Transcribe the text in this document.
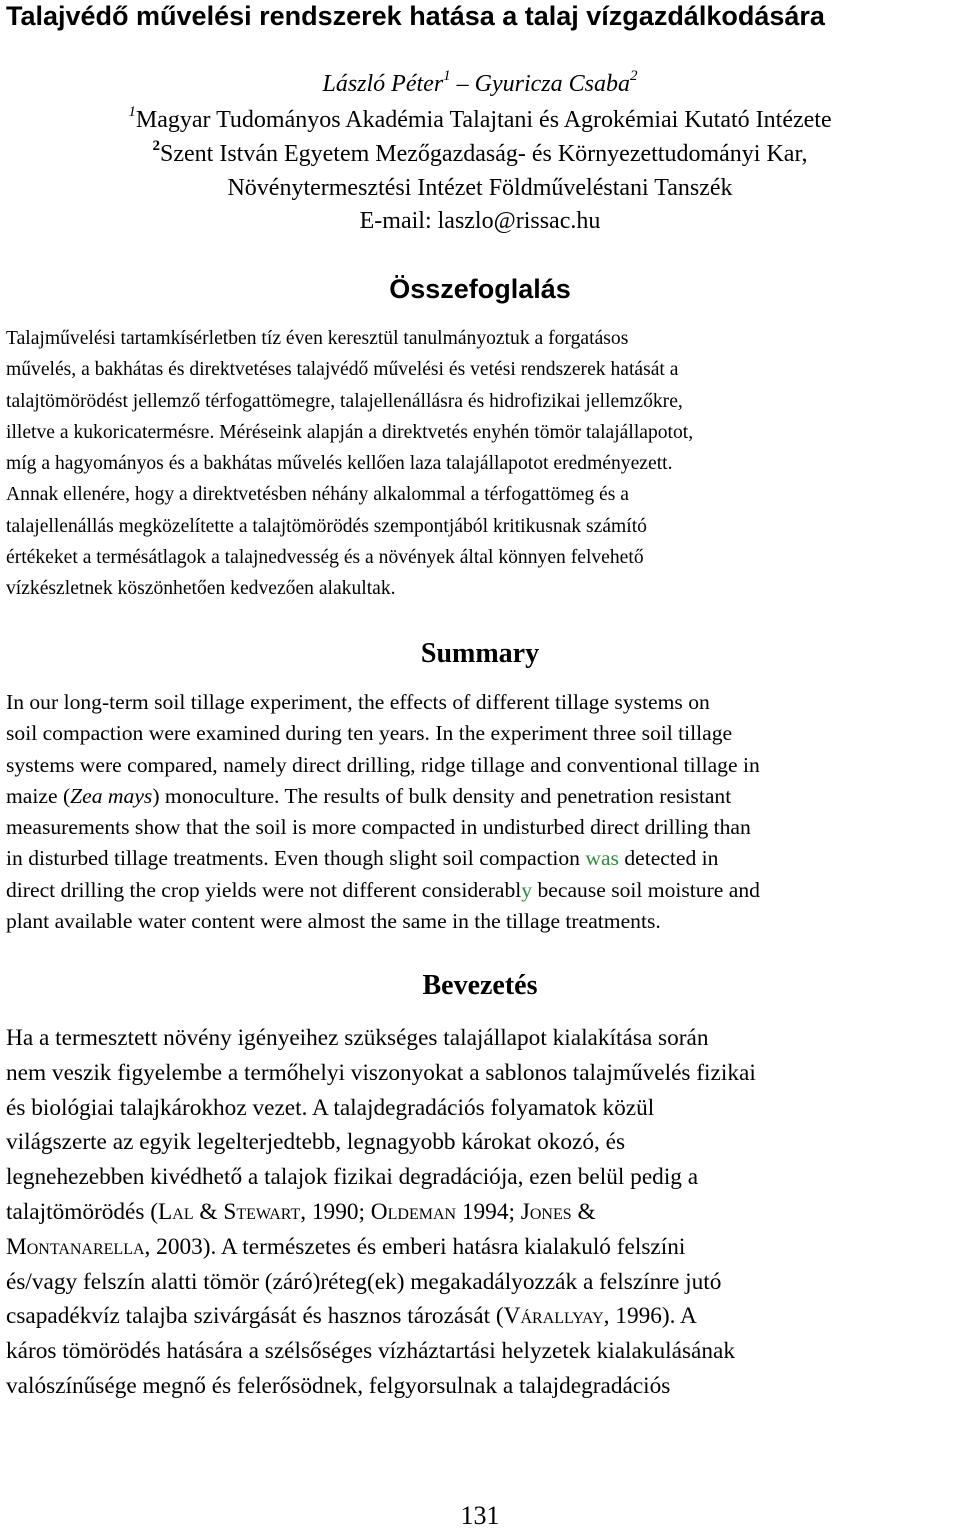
Talajvédő művelési rendszerek hatása a talaj vízgazdálkodására
László Péter$^1$ – Gyuricza Csaba$^2$
$^1$Magyar Tudományos Akadémia Talajtani és Agrokémiai Kutató Intézete
$^2$Szent István Egyetem Mezőgazdaság- és Környezettudományi Kar,
Növénytermesztési Intézet Földműveléstani Tanszék
E-mail: laszlo@rissac.hu
Összefoglalás

Talajművelési tartamkísérletben tíz éven keresztül tanulmányoztuk a forgatásos
művelés, a bakhátas és direktvetéses talajvédő művelési és vetési rendszerek hatását a
talajtömörödést jellemző térfogattömegre, talajellenállásra és hidrofizikai jellemzőkre,
illetve a kukoricatermésre. Méréseink alapján a direktvetés enyhén tömör talajállapotot,
míg a hagyományos és a bakhátas művelés kellően laza talajállapotot eredményezett.
Annak ellenére, hogy a direktvetésben néhány alkalommal a térfogattömeg és a
talajellenállás megközelítette a talajtömörödés szempontjából kritikusnak számító
értékeket a termésátlagok a talajnedvesség és a növények által könnyen felvehető
vízkészletnek köszönhetően kedvezően alakultak.

Summary

In our long-term soil tillage experiment, the effects of different tillage systems on
soil compaction were examined during ten years. In the experiment three soil tillage
systems were compared, namely direct drilling, ridge tillage and conventional tillage in
maize (Zea mays) monoculture. The results of bulk density and penetration resistant
measurements show that the soil is more compacted in undisturbed direct drilling than
in disturbed tillage treatments. Even though slight soil compaction was detected in
direct drilling the crop yields were not different considerably because soil moisture and
plant available water content were almost the same in the tillage treatments.

Bevezetés

Ha a termesztett növény igényeihez szükséges talajállapot kialakítása során
nem veszik figyelembe a termőhelyi viszonyokat a sablonos talajművelés fizikai
és biológiai talajkárokhoz vezet. A talajdegradációs folyamatok közül
világszerte az egyik legelterjedtebb, legnagyobb károkat okozó, és
legnehezebben kivédhető a talajok fizikai degradációja, ezen belül pedig a
talajtömörödés (Lal & Stewart, 1990; Oldeman 1994; Jones &
Montanarella, 2003). A természetes és emberi hatásra kialakuló felszíni
és/vagy felszín alatti tömör (záró)réteg(ek) megakadályozzák a felszínre jutó
csapadékvíz talajba szivárgását és hasznos tározását (Várallyay, 1996). A
káros tömörödés hatására a szélsőséges vízháztartási helyzetek kialakulásának
valószínűsége megnő és felerősödnek, felgyorsulnak a talajdegradációs

131
